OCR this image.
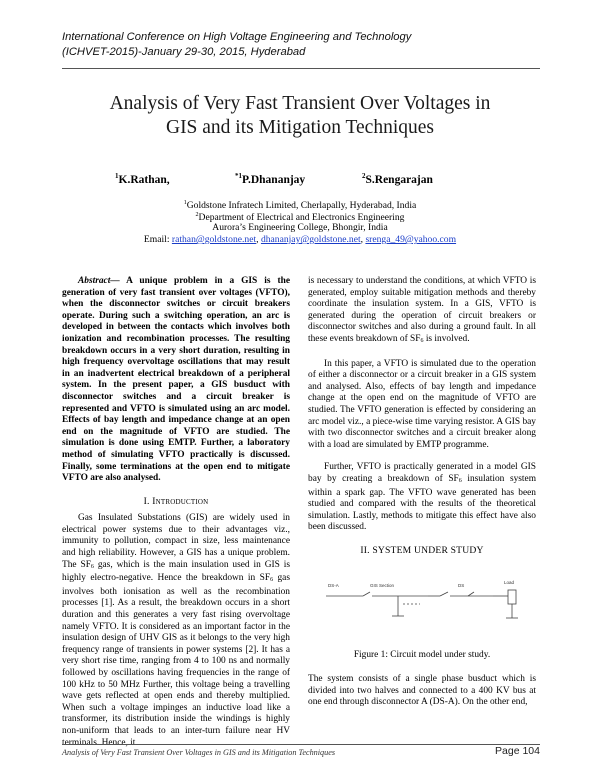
International Conference on High Voltage Engineering and Technology
(ICHVET-2015)-January 29-30, 2015, Hyderabad
Analysis of Very Fast Transient Over Voltages in GIS and its Mitigation Techniques
$^1$K.Rathan,	$^{*1}$P.Dhananjay	$^2$S.Rengarajan
$^1$Goldstone Infratech Limited, Cherlapally, Hyderabad, India
$^2$Department of Electrical and Electronics Engineering
Aurora’s Engineering College, Bhongir, India
Email: rathan@goldstone.net, dhananjay@goldstone.net, srenga_49@yahoo.com

Abstract— A unique problem in a GIS is the generation of very fast transient over voltages (VFTO), when the disconnector switches or circuit breakers operate. During such a switching operation, an arc is developed in between the contacts which involves both ionization and recombination processes. The resulting breakdown occurs in a very short duration, resulting in high frequency overvoltage oscillations that may result in an inadvertent electrical breakdown of a peripheral system. In the present paper, a GIS busduct with disconnector switches and a circuit breaker is represented and VFTO is simulated using an arc model. Effects of bay length and impedance change at an open end on the magnitude of VFTO are studied. The simulation is done using EMTP. Further, a laboratory method of simulating VFTO practically is discussed. Finally, some terminations at the open end to mitigate VFTO are also analysed.

I. Introduction

Gas Insulated Substations (GIS) are widely used in electrical power systems due to their advantages viz., immunity to pollution, compact in size, less maintenance and high reliability. However, a GIS has a unique problem. The $SF_6$ gas, which is the main insulation used in GIS is highly electro-negative. Hence the breakdown in $SF_6$ gas involves both ionisation as well as the recombination processes [1]. As a result, the breakdown occurs in a short duration and this generates a very fast rising overvoltage namely VFTO. It is considered as an important factor in the insulation design of UHV GIS as it belongs to the very high frequency range of transients in power systems [2]. It has a very short rise time, ranging from 4 to 100 ns and normally followed by oscillations having frequencies in the range of 100 kHz to 50 MHz Further, this voltage being a travelling wave gets reflected at open ends and thereby multiplied. When such a voltage impinges an inductive load like a transformer, its distribution inside the windings is highly non-uniform that leads to an inter-turn failure near HV terminals. Hence, it

is necessary to understand the conditions, at which VFTO is generated, employ suitable mitigation methods and thereby coordinate the insulation system. In a GIS, VFTO is generated during the operation of circuit breakers or disconnector switches and also during a ground fault. In all these events breakdown of $SF_6$ is involved.

In this paper, a VFTO is simulated due to the operation of either a disconnector or a circuit breaker in a GIS system and analysed. Also, effects of bay length and impedance change at the open end on the magnitude of VFTO are studied. The VFTO generation is effected by considering an arc model viz., a piece-wise time varying resistor. A GIS bay with two disconnector switches and a circuit breaker along with a load are simulated by EMTP programme.

Further, VFTO is practically generated in a model GIS bay by creating a breakdown of $SF_6$ insulation system within a spark gap. The VFTO wave generated has been studied and compared with the results of the theoretical simulation. Lastly, methods to mitigate this effect have also been discussed.

II. SYSTEM UNDER STUDY
DS-A	GIS Section	DS
Load
Figure 1: Circuit model under study.

The system consists of a single phase busduct which is divided into two halves and connected to a 400 KV bus at one end through disconnector A (DS-A). On the other end,

Analysis of Very Fast Transient Over Voltages in GIS and its Mitigation Techniques	Page 104
